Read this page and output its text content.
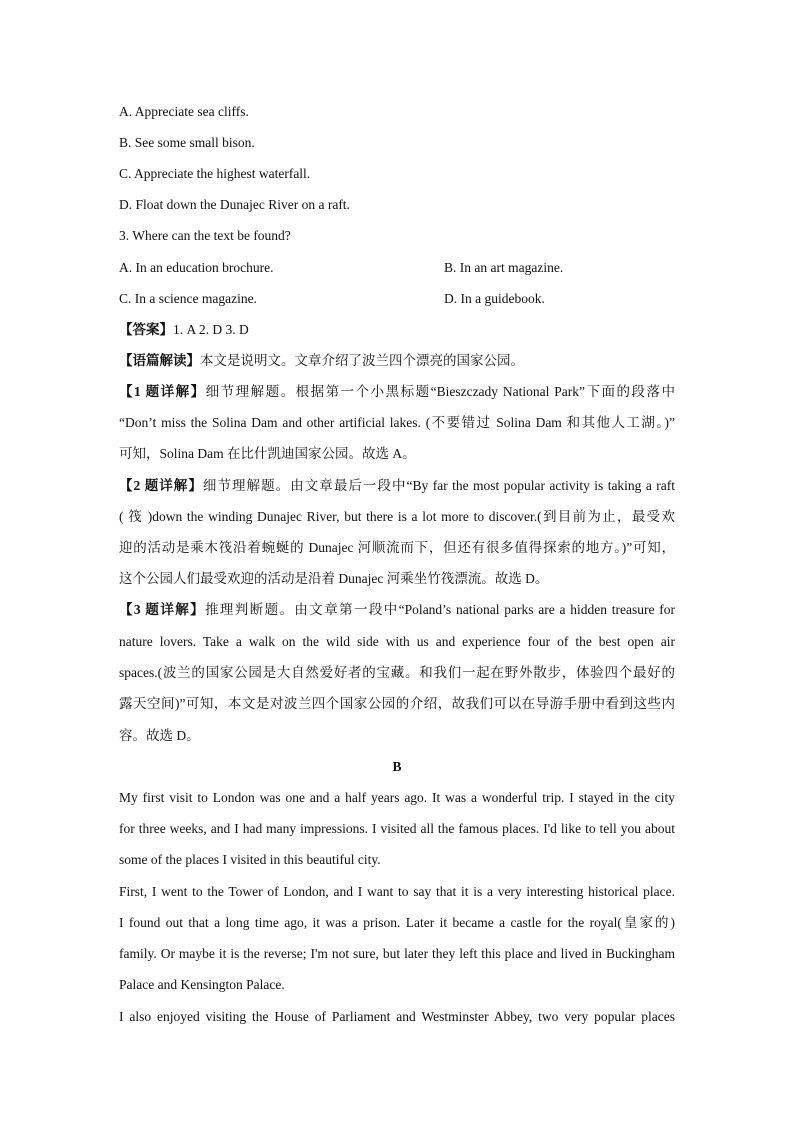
A. Appreciate sea cliffs.
B. See some small bison.
C. Appreciate the highest waterfall.
D. Float down the Dunajec River on a raft.
3. Where can the text be found?
A. In an education brochure.	B. In an art magazine.
C. In a science magazine.	D. In a guidebook.
【答案】1. A 2. D 3. D
【语篇解读】本文是说明文。文章介绍了波兰四个漂亮的国家公园。
【1 题详解】细节理解题。根据第一个小黑标题“Bieszczady National Park”下面的段落中
“Don’t miss the Solina Dam and other artificial lakes. (不要错过 Solina Dam 和其他人工湖。)”
可知，Solina Dam 在比什凯迪国家公园。故选 A。
【2 题详解】细节理解题。由文章最后一段中“By far the most popular activity is taking a raft
( 筏 )down the winding Dunajec River, but there is a lot more to discover.(到目前为止，最受欢
迎的活动是乘木筏沿着蜿蜒的 Dunajec 河顺流而下，但还有很多值得探索的地方。)”可知，
这个公园人们最受欢迎的活动是沿着 Dunajec 河乘坐竹筏漂流。故选 D。
【3 题详解】推理判断题。由文章第一段中“Poland’s national parks are a hidden treasure for
nature lovers. Take a walk on the wild side with us and experience four of the best open air
spaces.(波兰的国家公园是大自然爱好者的宝藏。和我们一起在野外散步，体验四个最好的
露天空间)”可知，本文是对波兰四个国家公园的介绍，故我们可以在导游手册中看到这些内
容。故选 D。
B
My first visit to London was one and a half years ago. It was a wonderful trip. I stayed in the city
for three weeks, and I had many impressions. I visited all the famous places. I'd like to tell you about
some of the places I visited in this beautiful city.
First, I went to the Tower of London, and I want to say that it is a very interesting historical place.
I found out that a long time ago, it was a prison. Later it became a castle for the royal(皇家的)
family. Or maybe it is the reverse; I'm not sure, but later they left this place and lived in Buckingham
Palace and Kensington Palace.
I also enjoyed visiting the House of Parliament and Westminster Abbey, two very popular places
